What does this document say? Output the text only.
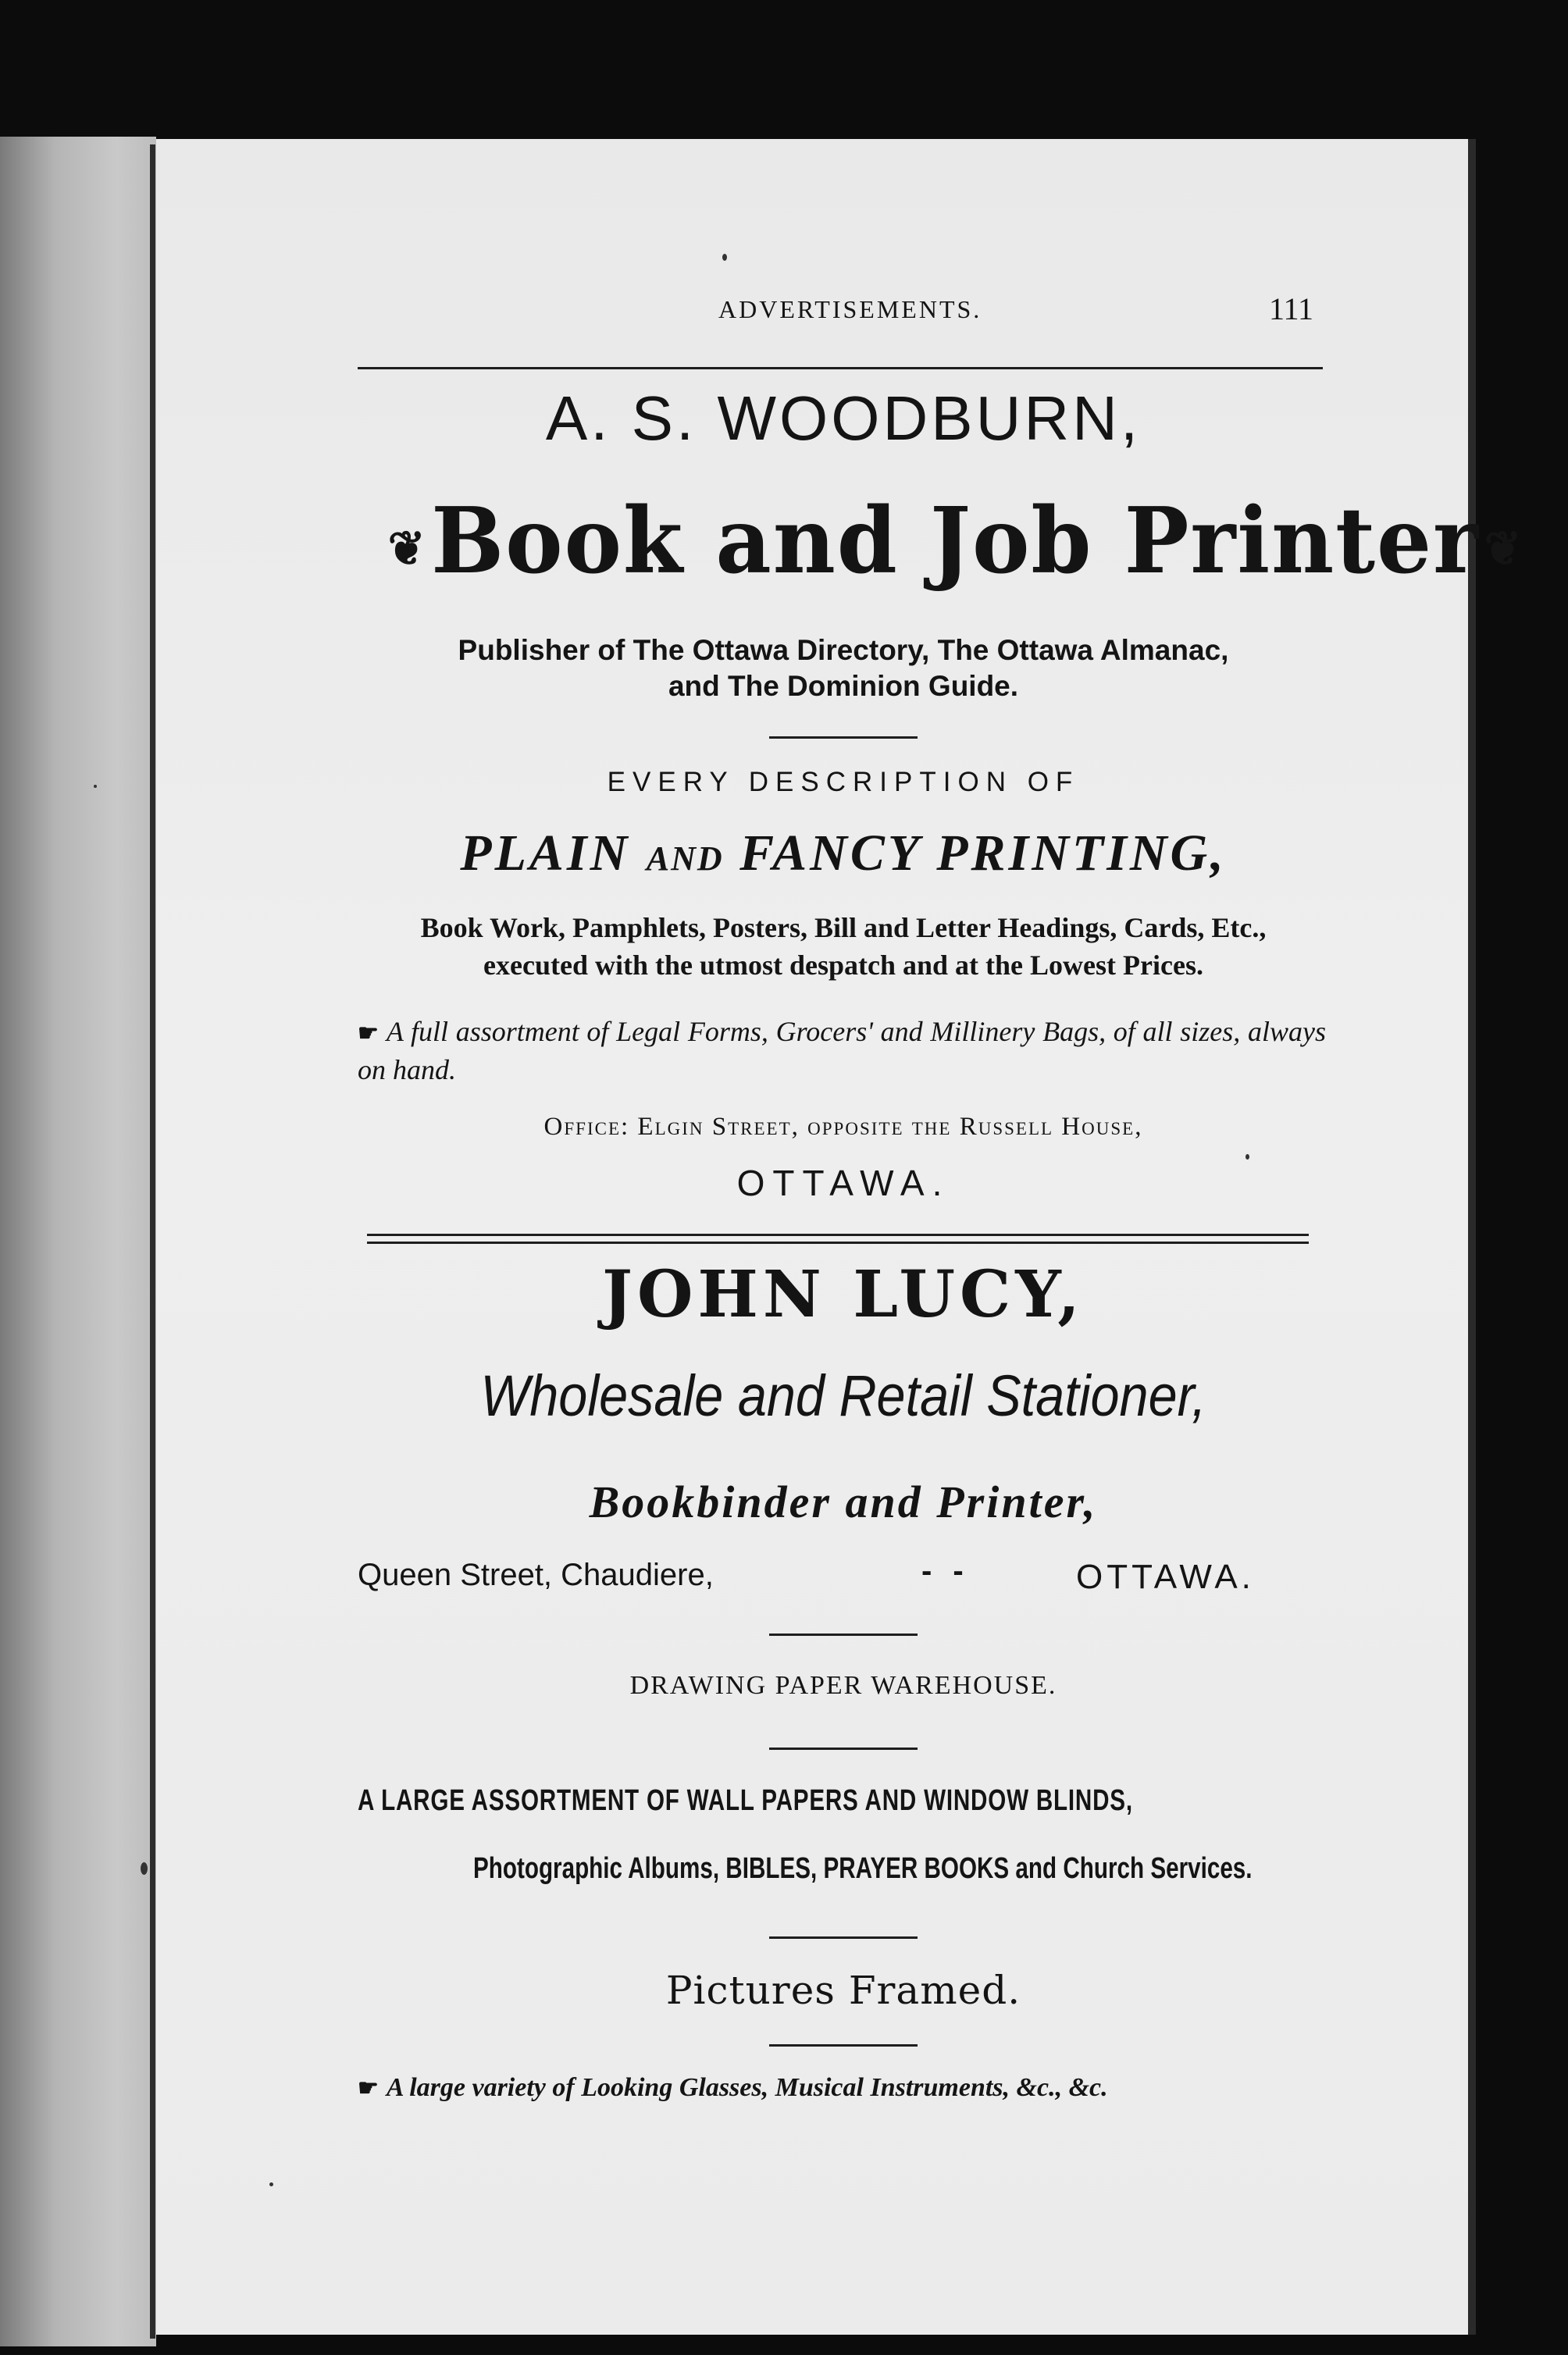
ADVERTISEMENTS.	111
A. S. WOODBURN,
❦Book and Job Printer❦
Publisher of The Ottawa Directory, The Ottawa Almanac,
and The Dominion Guide.
EVERY DESCRIPTION OF
PLAIN AND FANCY PRINTING,
Book Work, Pamphlets, Posters, Bill and Letter Headings, Cards, Etc.,
executed with the utmost despatch and at the Lowest Prices.
☛ A full assortment of Legal Forms, Grocers' and Millinery Bags, of all sizes, always on hand.
Office: Elgin Street, opposite the Russell House,
OTTAWA.
JOHN LUCY,
Wholesale and Retail Stationer,
Bookbinder and Printer,
Queen Street, Chaudiere,	- -	OTTAWA.
DRAWING PAPER WAREHOUSE.
A LARGE ASSORTMENT OF WALL PAPERS AND WINDOW BLINDS,
Photographic Albums, BIBLES, PRAYER BOOKS and Church Services.
Pictures Framed.
☛ A large variety of Looking Glasses, Musical Instruments, &c., &c.
